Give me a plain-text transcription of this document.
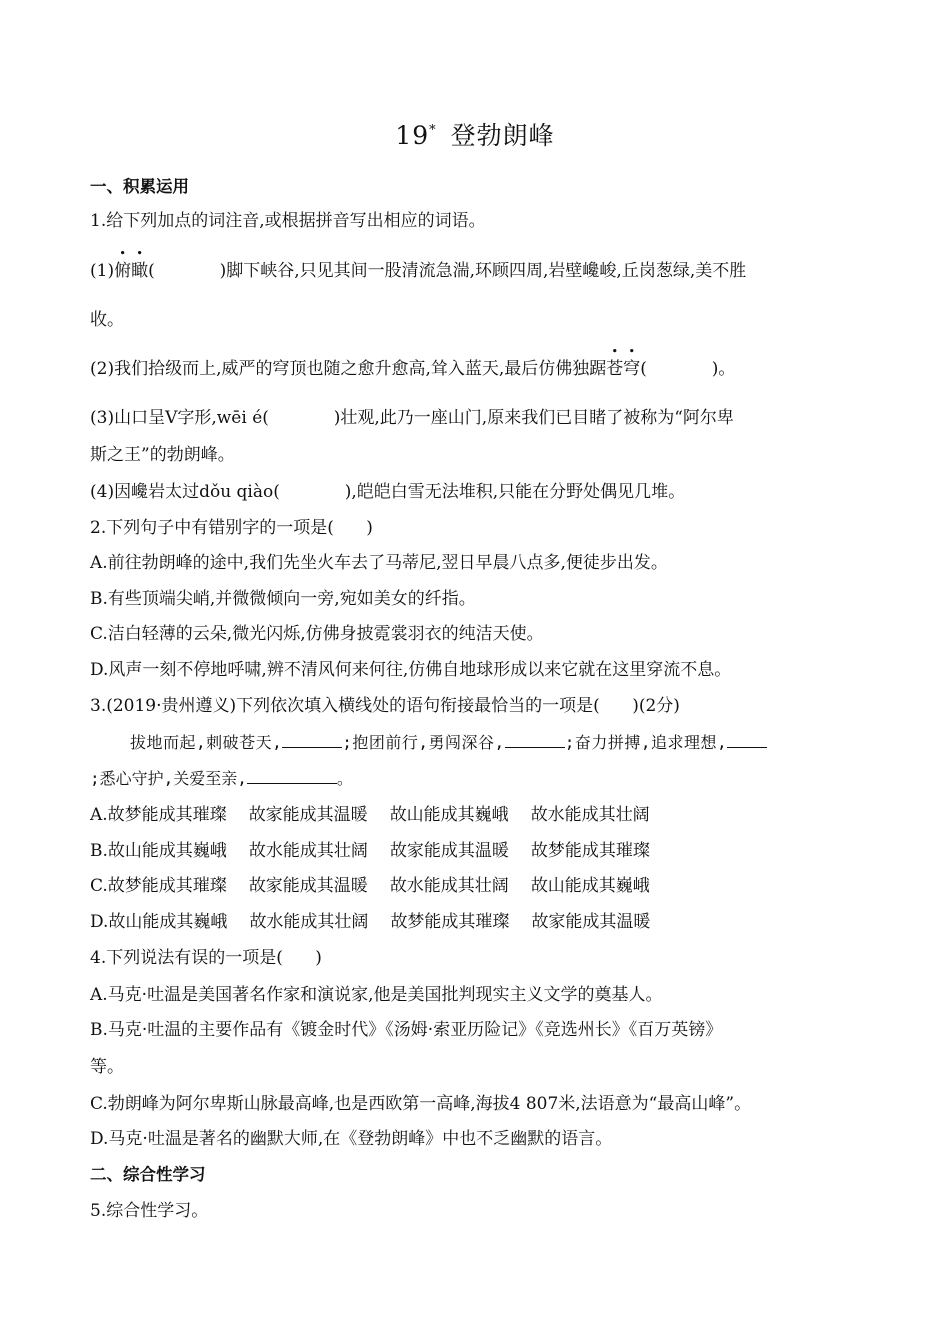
19* 登勃朗峰
一、积累运用
1.给下列加点的词注音,或根据拼音写出相应的词语。
(1)俯瞰(            )脚下峡谷,只见其间一股清流急湍,环顾四周,岩壁巉峻,丘岗葱绿,美不胜
收。
(2)我们拾级而上,威严的穹顶也随之愈升愈高,耸入蓝天,最后仿佛独踞苍穹(            )。
(3)山口呈Ⅴ字形,wēi é(            )壮观,此乃一座山门,原来我们已目睹了被称为“阿尔卑
斯之王”的勃朗峰。
(4)因巉岩太过dǒu qiào(            ),皑皑白雪无法堆积,只能在分野处偶见几堆。
2.下列句子中有错别字的一项是(      )
A.前往勃朗峰的途中,我们先坐火车去了马蒂尼,翌日早晨八点多,便徒步出发。
B.有些顶端尖峭,并微微倾向一旁,宛如美女的纤指。
C.洁白轻薄的云朵,微光闪烁,仿佛身披霓裳羽衣的纯洁天使。
D.风声一刻不停地呼啸,辨不清风何来何往,仿佛自地球形成以来它就在这里穿流不息。
3.(2019·贵州遵义)下列依次填入横线处的语句衔接最恰当的一项是(      )(2分)
拔地而起,刺破苍天,	;抱团前行,勇闯深谷,	;奋力拼搏,追求理想,
;悉心守护,关爱至亲,	。
A.故梦能成其璀璨 故家能成其温暖 故山能成其巍峨 故水能成其壮阔
B.故山能成其巍峨 故水能成其壮阔 故家能成其温暖 故梦能成其璀璨
C.故梦能成其璀璨 故家能成其温暖 故水能成其壮阔 故山能成其巍峨
D.故山能成其巍峨 故水能成其壮阔 故梦能成其璀璨 故家能成其温暖
4.下列说法有误的一项是(      )
A.马克·吐温是美国著名作家和演说家,他是美国批判现实主义文学的奠基人。
B.马克·吐温的主要作品有《镀金时代》《汤姆·索亚历险记》《竞选州长》《百万英镑》
等。
C.勃朗峰为阿尔卑斯山脉最高峰,也是西欧第一高峰,海拔4 807米,法语意为“最高山峰”。
D.马克·吐温是著名的幽默大师,在《登勃朗峰》中也不乏幽默的语言。
二、综合性学习
5.综合性学习。
